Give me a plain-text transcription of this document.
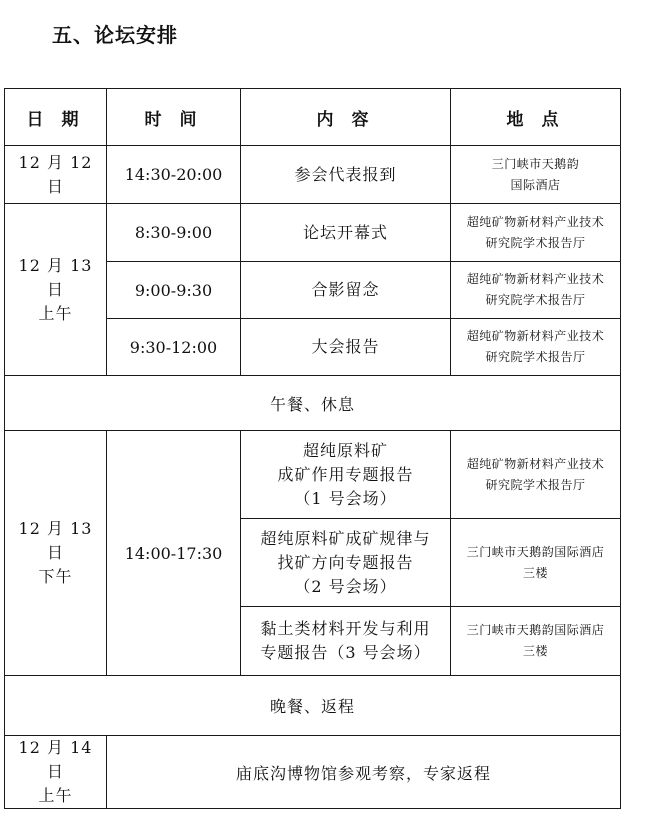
五、论坛安排
日 期	时 间	内 容	地 点
12 月 12 日	14:30-20:00	参会代表报到	三门峡市天鹅韵
国际酒店

12 月 13 日
上午	8:30-9:00	论坛开幕式	超纯矿物新材料产业技术
研究院学术报告厅

	9:00-9:30	合影留念	超纯矿物新材料产业技术
研究院学术报告厅

	9:30-12:00	大会报告	超纯矿物新材料产业技术
研究院学术报告厅

午餐、休息			

12 月 13 日
下午	14:00-17:30	超纯原料矿
成矿作用专题报告
（1 号会场）	超纯矿物新材料产业技术
研究院学术报告厅

		超纯原料矿成矿规律与
找矿方向专题报告
（2 号会场）	三门峡市天鹅韵国际酒店
三楼

		黏土类材料开发与利用
专题报告（3 号会场）	三门峡市天鹅韵国际酒店
三楼

晚餐、返程			

12 月 14 日
上午	庙底沟博物馆参观考察，专家返程		
